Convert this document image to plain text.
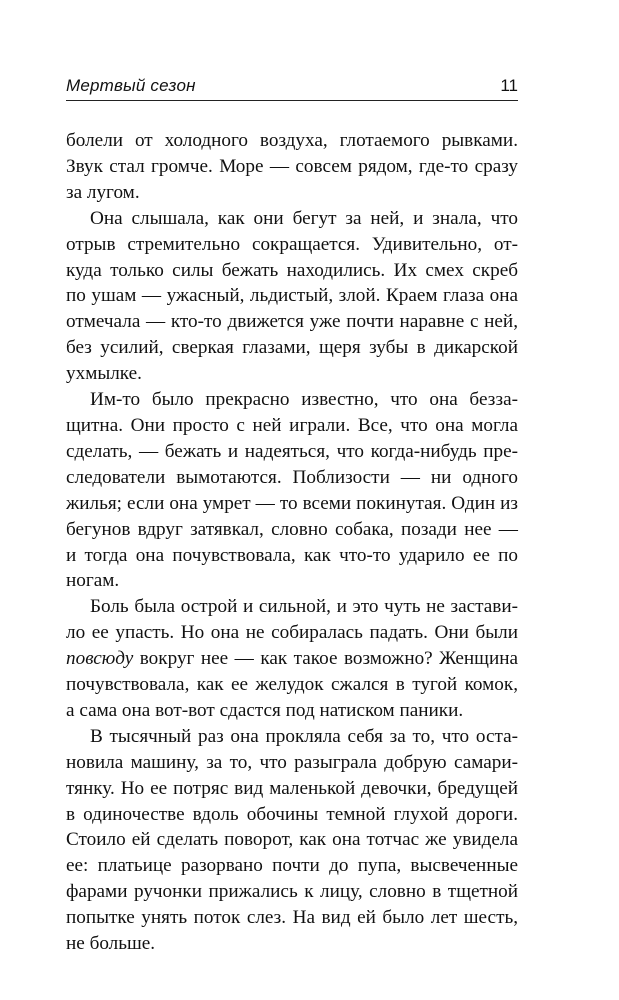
Мертвый сезон	11
болели от холодного воздуха, глотаемого рывками.
Звук стал громче. Море — совсем рядом, где-то сразу
за лугом.
Она слышала, как они бегут за ней, и знала, что
отрыв стремительно сокращается. Удивительно, от-
куда только силы бежать находились. Их смех скреб
по ушам — ужасный, льдистый, злой. Краем глаза она
отмечала — кто-то движется уже почти наравне с ней,
без усилий, сверкая глазами, щеря зубы в дикарской
ухмылке.
Им-то было прекрасно известно, что она безза-
щитна. Они просто с ней играли. Все, что она могла
сделать, — бежать и надеяться, что когда-нибудь пре-
следователи вымотаются. Поблизости — ни одного
жилья; если она умрет — то всеми покинутая. Один из
бегунов вдруг затявкал, словно собака, позади нее —
и тогда она почувствовала, как что-то ударило ее по
ногам.
Боль была острой и сильной, и это чуть не застави-
ло ее упасть. Но она не собиралась падать. Они были
повсюду вокруг нее — как такое возможно? Женщина
почувствовала, как ее желудок сжался в тугой комок,
а сама она вот-вот сдастся под натиском паники.
В тысячный раз она прокляла себя за то, что оста-
новила машину, за то, что разыграла добрую самари-
тянку. Но ее потряс вид маленькой девочки, бредущей
в одиночестве вдоль обочины темной глухой дороги.
Стоило ей сделать поворот, как она тотчас же увидела
ее: платьице разорвано почти до пупа, высвеченные
фарами ручонки прижались к лицу, словно в тщетной
попытке унять поток слез. На вид ей было лет шесть,
не больше.
